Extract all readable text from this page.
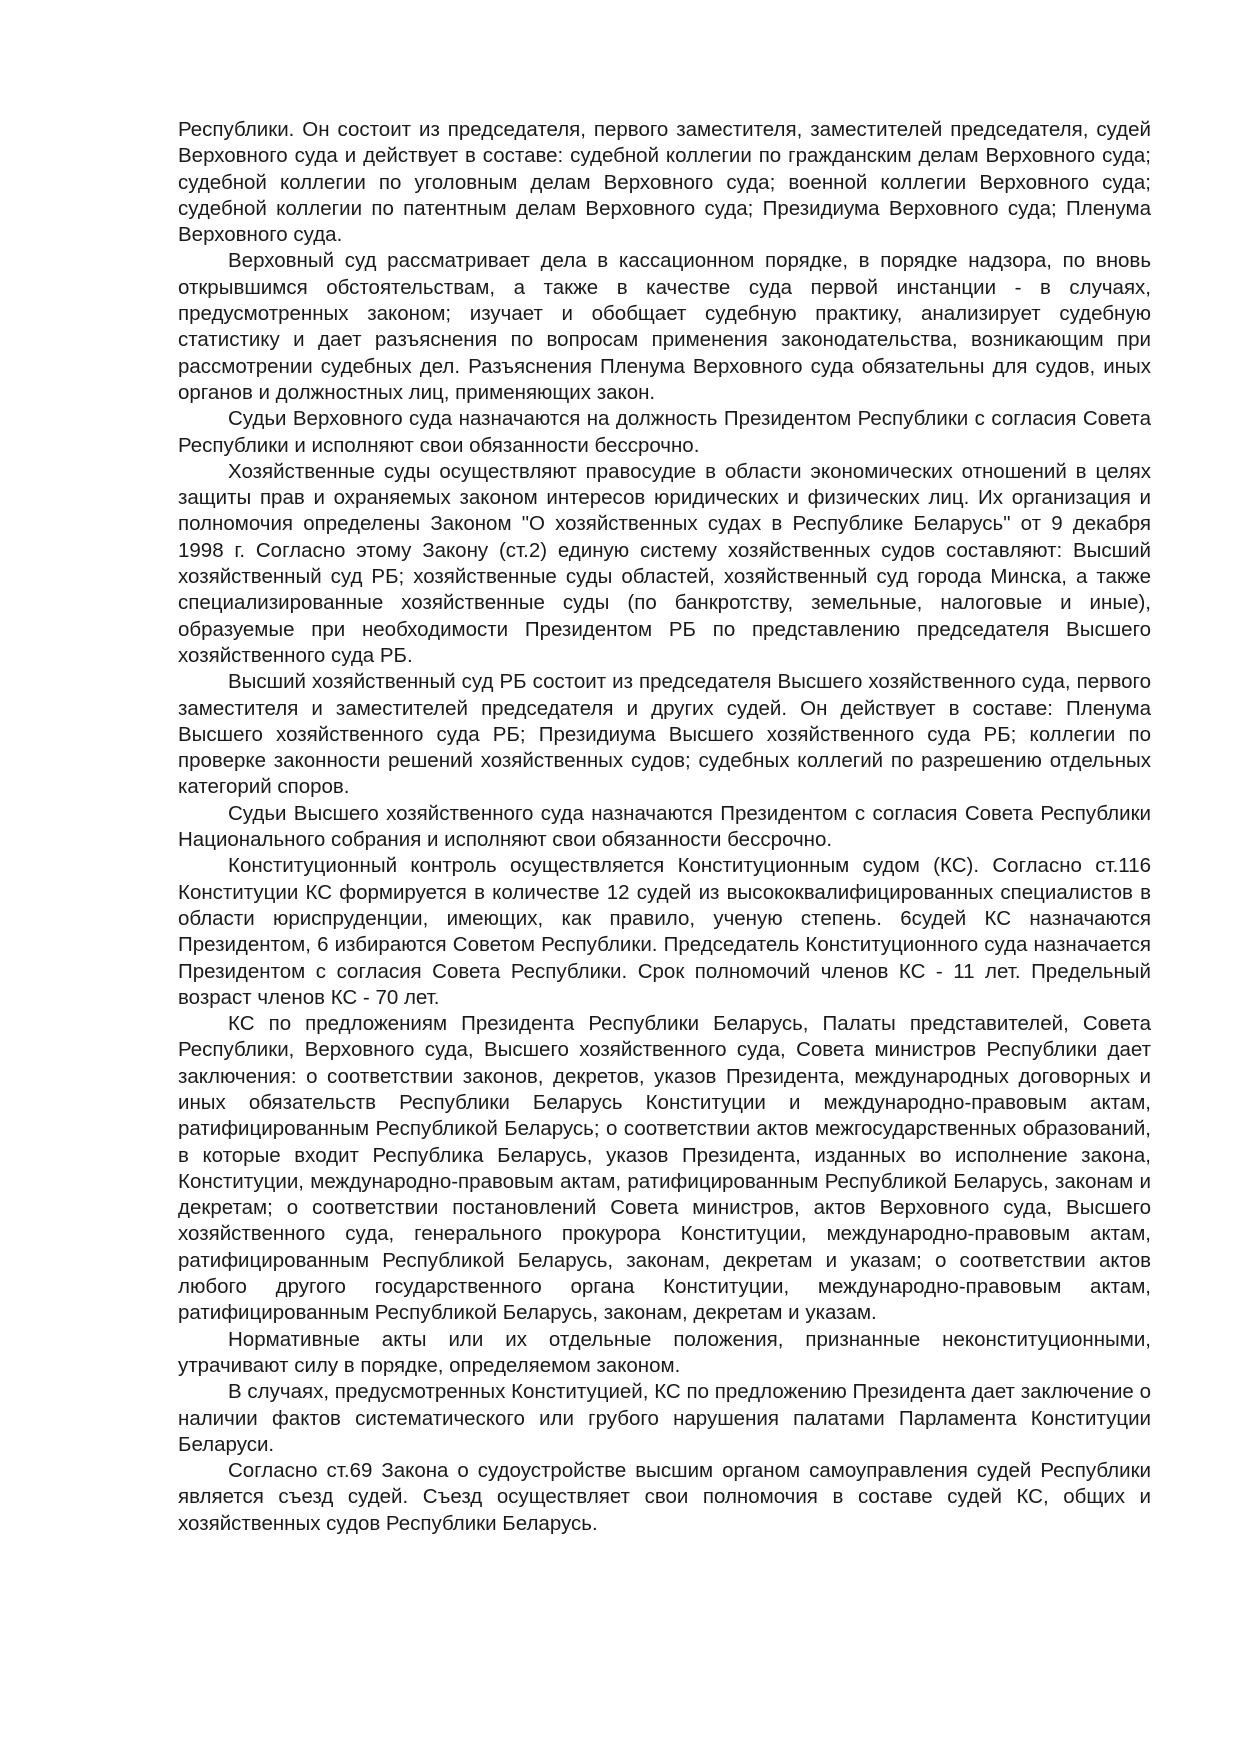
Республики. Он состоит из председателя, первого заместителя, заместителей председателя, судей Верховного суда и действует в составе: судебной коллегии по гражданским делам Верховного суда; судебной коллегии по уголовным делам Верховного суда; военной коллегии Верховного суда; судебной коллегии по патентным делам Верховного суда; Президиума Верховного суда; Пленума Верховного суда.

Верховный суд рассматривает дела в кассационном порядке, в порядке надзора, по вновь открывшимся обстоятельствам, а также в качестве суда первой инстанции - в случаях, предусмотренных законом; изучает и обобщает судебную практику, анализирует судебную статистику и дает разъяснения по вопросам применения законодательства, возникающим при рассмотрении судебных дел. Разъяснения Пленума Верховного суда обязательны для судов, иных органов и должностных лиц, применяющих закон.

Судьи Верховного суда назначаются на должность Президентом Республики с согласия Совета Республики и исполняют свои обязанности бессрочно.

Хозяйственные суды осуществляют правосудие в области экономических отношений в целях защиты прав и охраняемых законом интересов юридических и физических лиц. Их организация и полномочия определены Законом "О хозяйственных судах в Республике Беларусь" от 9 декабря 1998 г. Согласно этому Закону (ст.2) единую систему хозяйственных судов составляют: Высший хозяйственный суд РБ; хозяйственные суды областей, хозяйственный суд города Минска, а также специализированные хозяйственные суды (по банкротству, земельные, налоговые и иные), образуемые при необходимости Президентом РБ по представлению председателя Высшего хозяйственного суда РБ.

Высший хозяйственный суд РБ состоит из председателя Высшего хозяйственного суда, первого заместителя и заместителей председателя и других судей. Он действует в составе: Пленума Высшего хозяйственного суда РБ; Президиума Высшего хозяйственного суда РБ; коллегии по проверке законности решений хозяйственных судов; судебных коллегий по разрешению отдельных категорий споров.

Судьи Высшего хозяйственного суда назначаются Президентом с согласия Совета Республики Национального собрания и исполняют свои обязанности бессрочно.

Конституционный контроль осуществляется Конституционным судом (КС). Согласно ст.116 Конституции КС формируется в количестве 12 судей из высококвалифицированных специалистов в области юриспруденции, имеющих, как правило, ученую степень. 6судей КС назначаются Президентом, 6 избираются Советом Республики. Председатель Конституционного суда назначается Президентом с согласия Совета Республики. Срок полномочий членов КС - 11 лет. Предельный возраст членов КС - 70 лет.

КС по предложениям Президента Республики Беларусь, Палаты представителей, Совета Республики, Верховного суда, Высшего хозяйственного суда, Совета министров Республики дает заключения: о соответствии законов, декретов, указов Президента, международных договорных и иных обязательств Республики Беларусь Конституции и международно-правовым актам, ратифицированным Республикой Беларусь; о соответствии актов межгосударственных образований, в которые входит Республика Беларусь, указов Президента, изданных во исполнение закона, Конституции, международно-правовым актам, ратифицированным Республикой Беларусь, законам и декретам; о соответствии постановлений Совета министров, актов Верховного суда, Высшего хозяйственного суда, генерального прокурора Конституции, международно-правовым актам, ратифицированным Республикой Беларусь, законам, декретам и указам; о соответствии актов любого другого государственного органа Конституции, международно-правовым актам, ратифицированным Республикой Беларусь, законам, декретам и указам.

Нормативные акты или их отдельные положения, признанные неконституционными, утрачивают силу в порядке, определяемом законом.

В случаях, предусмотренных Конституцией, КС по предложению Президента дает заключение о наличии фактов систематического или грубого нарушения палатами Парламента Конституции Беларуси.

Согласно ст.69 Закона о судоустройстве высшим органом самоуправления судей Республики является съезд судей. Съезд осуществляет свои полномочия в составе судей КС, общих и хозяйственных судов Республики Беларусь.
